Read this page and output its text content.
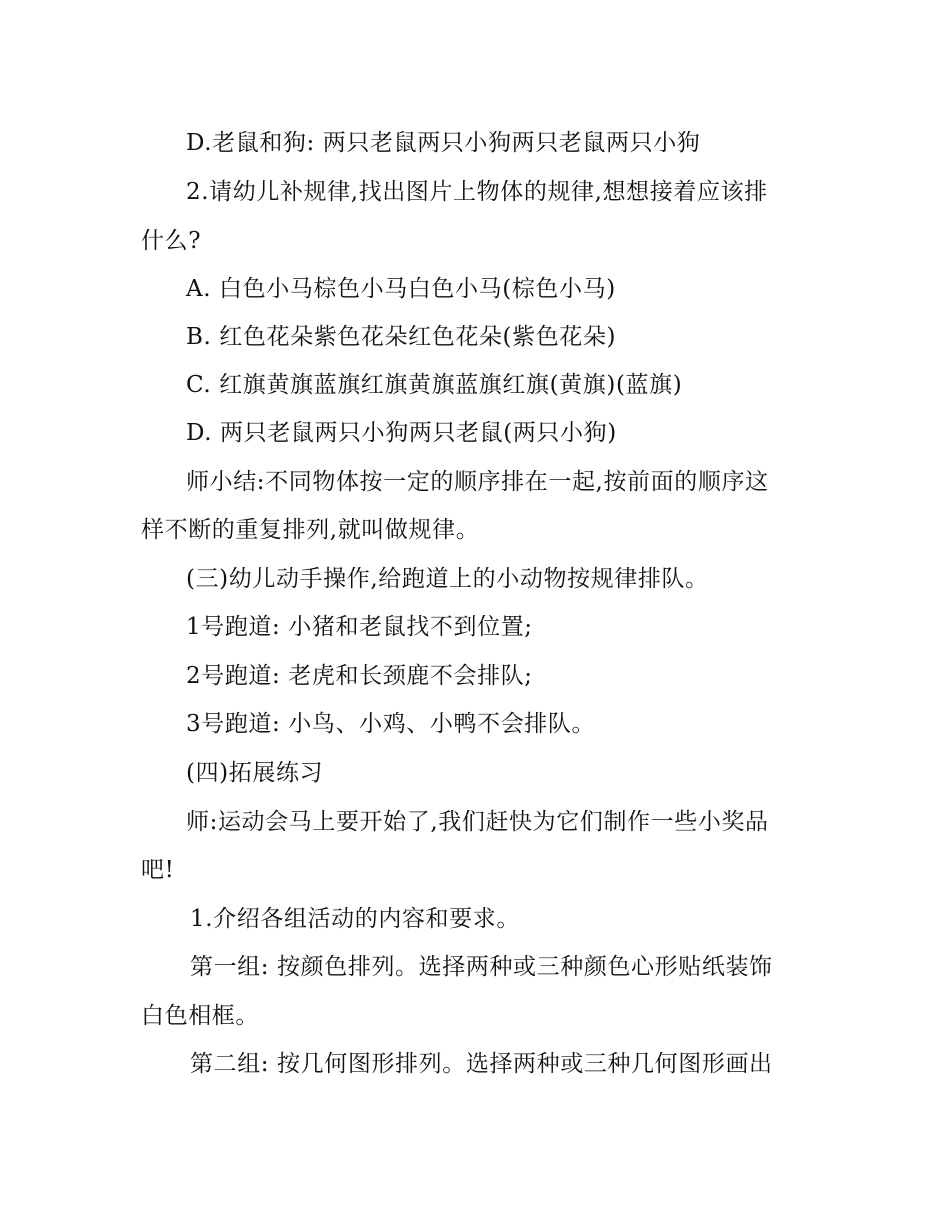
D.老鼠和狗: 两只老鼠两只小狗两只老鼠两只小狗
2.请幼儿补规律,找出图片上物体的规律,想想接着应该排
什么?
A. 白色小马棕色小马白色小马(棕色小马)
B. 红色花朵紫色花朵红色花朵(紫色花朵)
C. 红旗黄旗蓝旗红旗黄旗蓝旗红旗(黄旗)(蓝旗)
D. 两只老鼠两只小狗两只老鼠(两只小狗)
师小结:不同物体按一定的顺序排在一起,按前面的顺序这
样不断的重复排列,就叫做规律。
(三)幼儿动手操作,给跑道上的小动物按规律排队。
1号跑道: 小猪和老鼠找不到位置;
2号跑道: 老虎和长颈鹿不会排队;
3号跑道: 小鸟、小鸡、小鸭不会排队。
(四)拓展练习
师:运动会马上要开始了,我们赶快为它们制作一些小奖品
吧!
1.介绍各组活动的内容和要求。
第一组: 按颜色排列。选择两种或三种颜色心形贴纸装饰
白色相框。
第二组: 按几何图形排列。选择两种或三种几何图形画出
